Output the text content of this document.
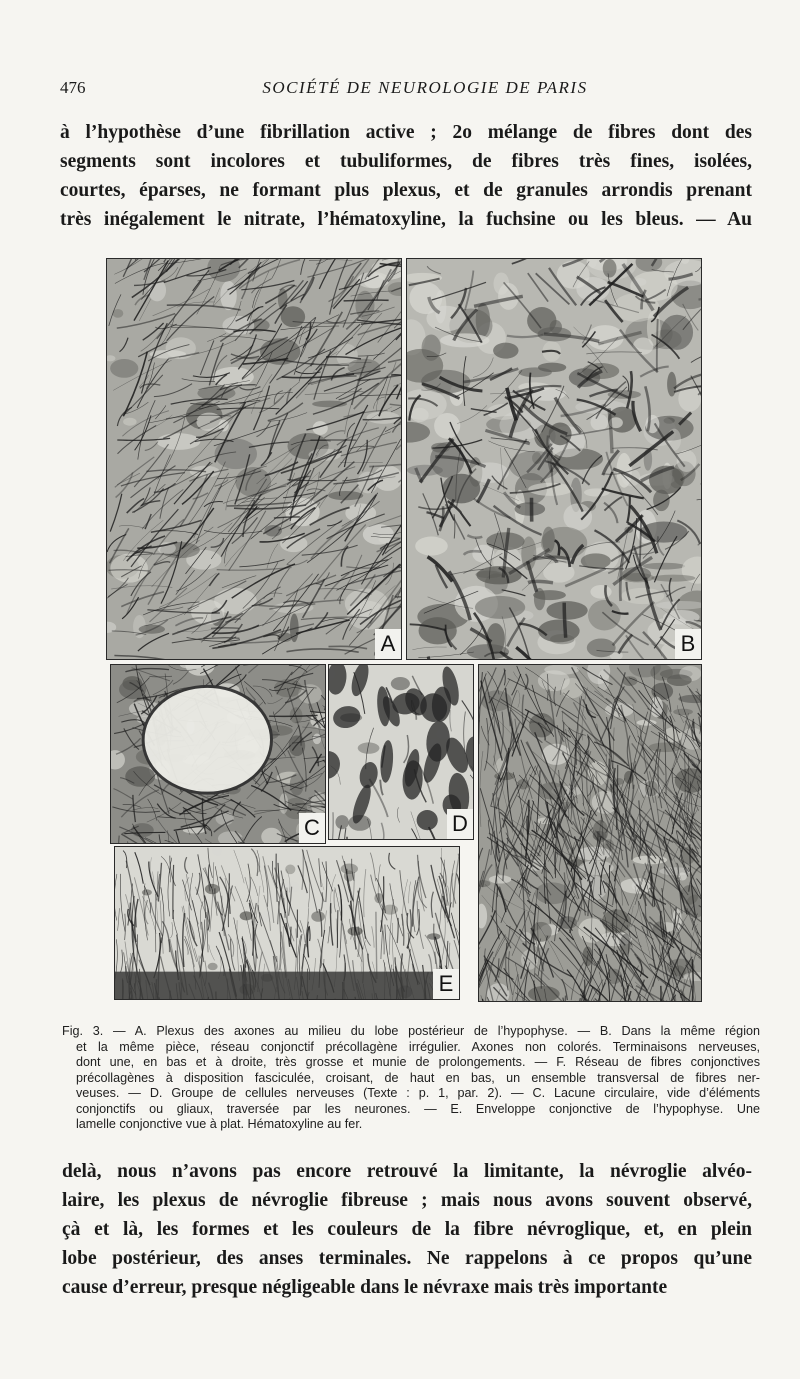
476	SOCIÉTÉ DE NEUROLOGIE DE PARIS
à l’hypothèse d’une fibrillation active ; 2o mélange de fibres dont des
segments sont incolores et tubuliformes, de fibres très fines, isolées,
courtes, éparses, ne formant plus plexus, et de granules arrondis prenant
très inégalement le nitrate, l’hématoxyline, la fuchsine ou les bleus. — Au
A	B
C	D
E
Fig. 3. — A. Plexus des axones au milieu du lobe postérieur de l’hypophyse. — B. Dans la même région
et la même pièce, réseau conjonctif précollagène irrégulier. Axones non colorés. Terminaisons nerveuses,
dont une, en bas et à droite, très grosse et munie de prolongements. — F. Réseau de fibres conjonctives
précollagènes à disposition fasciculée, croisant, de haut en bas, un ensemble transversal de fibres ner-
veuses. — D. Groupe de cellules nerveuses (Texte : p. 1, par. 2). — C. Lacune circulaire, vide d’éléments
conjonctifs ou gliaux, traversée par les neurones. — E. Enveloppe conjonctive de l’hypophyse. Une
lamelle conjonctive vue à plat. Hématoxyline au fer.
delà, nous n’avons pas encore retrouvé la limitante, la névroglie alvéo-
laire, les plexus de névroglie fibreuse ; mais nous avons souvent observé,
çà et là, les formes et les couleurs de la fibre névroglique, et, en plein
lobe postérieur, des anses terminales. Ne rappelons à ce propos qu’une
cause d’erreur, presque négligeable dans le névraxe mais très importante
